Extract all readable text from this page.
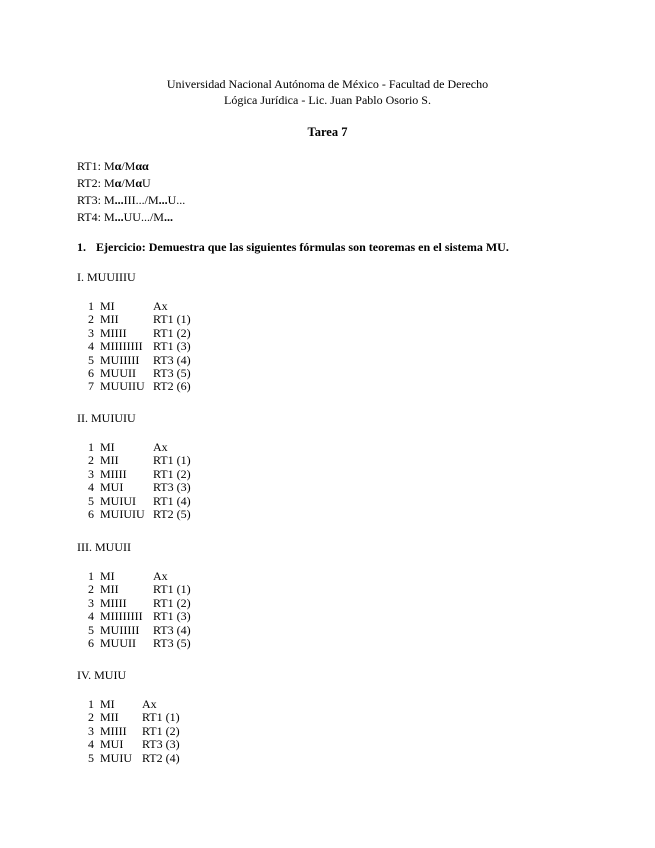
Universidad Nacional Autónoma de México - Facultad de Derecho
Lógica Jurídica - Lic. Juan Pablo Osorio S.
Tarea 7
RT1: Mα/Mαα
RT2: Mα/MαU
RT3: M...III.../M...U...
RT4: M...UU.../M...
1. Ejercicio: Demuestra que las siguientes fórmulas son teoremas en el sistema MU.
I. MUUIIIU
1	MI	Ax
2	MII	RT1 (1)
3	MIIII	RT1 (2)
4	MIIIIIIII	RT1 (3)
5	MUIIIII	RT3 (4)
6	MUUII	RT3 (5)
7	MUUIIU	RT2 (6)
II. MUIUIU
1	MI	Ax
2	MII	RT1 (1)
3	MIIII	RT1 (2)
4	MUI	RT3 (3)
5	MUIUI	RT1 (4)
6	MUIUIU	RT2 (5)
III. MUUII
1	MI	Ax
2	MII	RT1 (1)
3	MIIII	RT1 (2)
4	MIIIIIIII	RT1 (3)
5	MUIIIII	RT3 (4)
6	MUUII	RT3 (5)
IV. MUIU
1	MI	Ax
2	MII	RT1 (1)
3	MIIII	RT1 (2)
4	MUI	RT3 (3)
5	MUIU	RT2 (4)
